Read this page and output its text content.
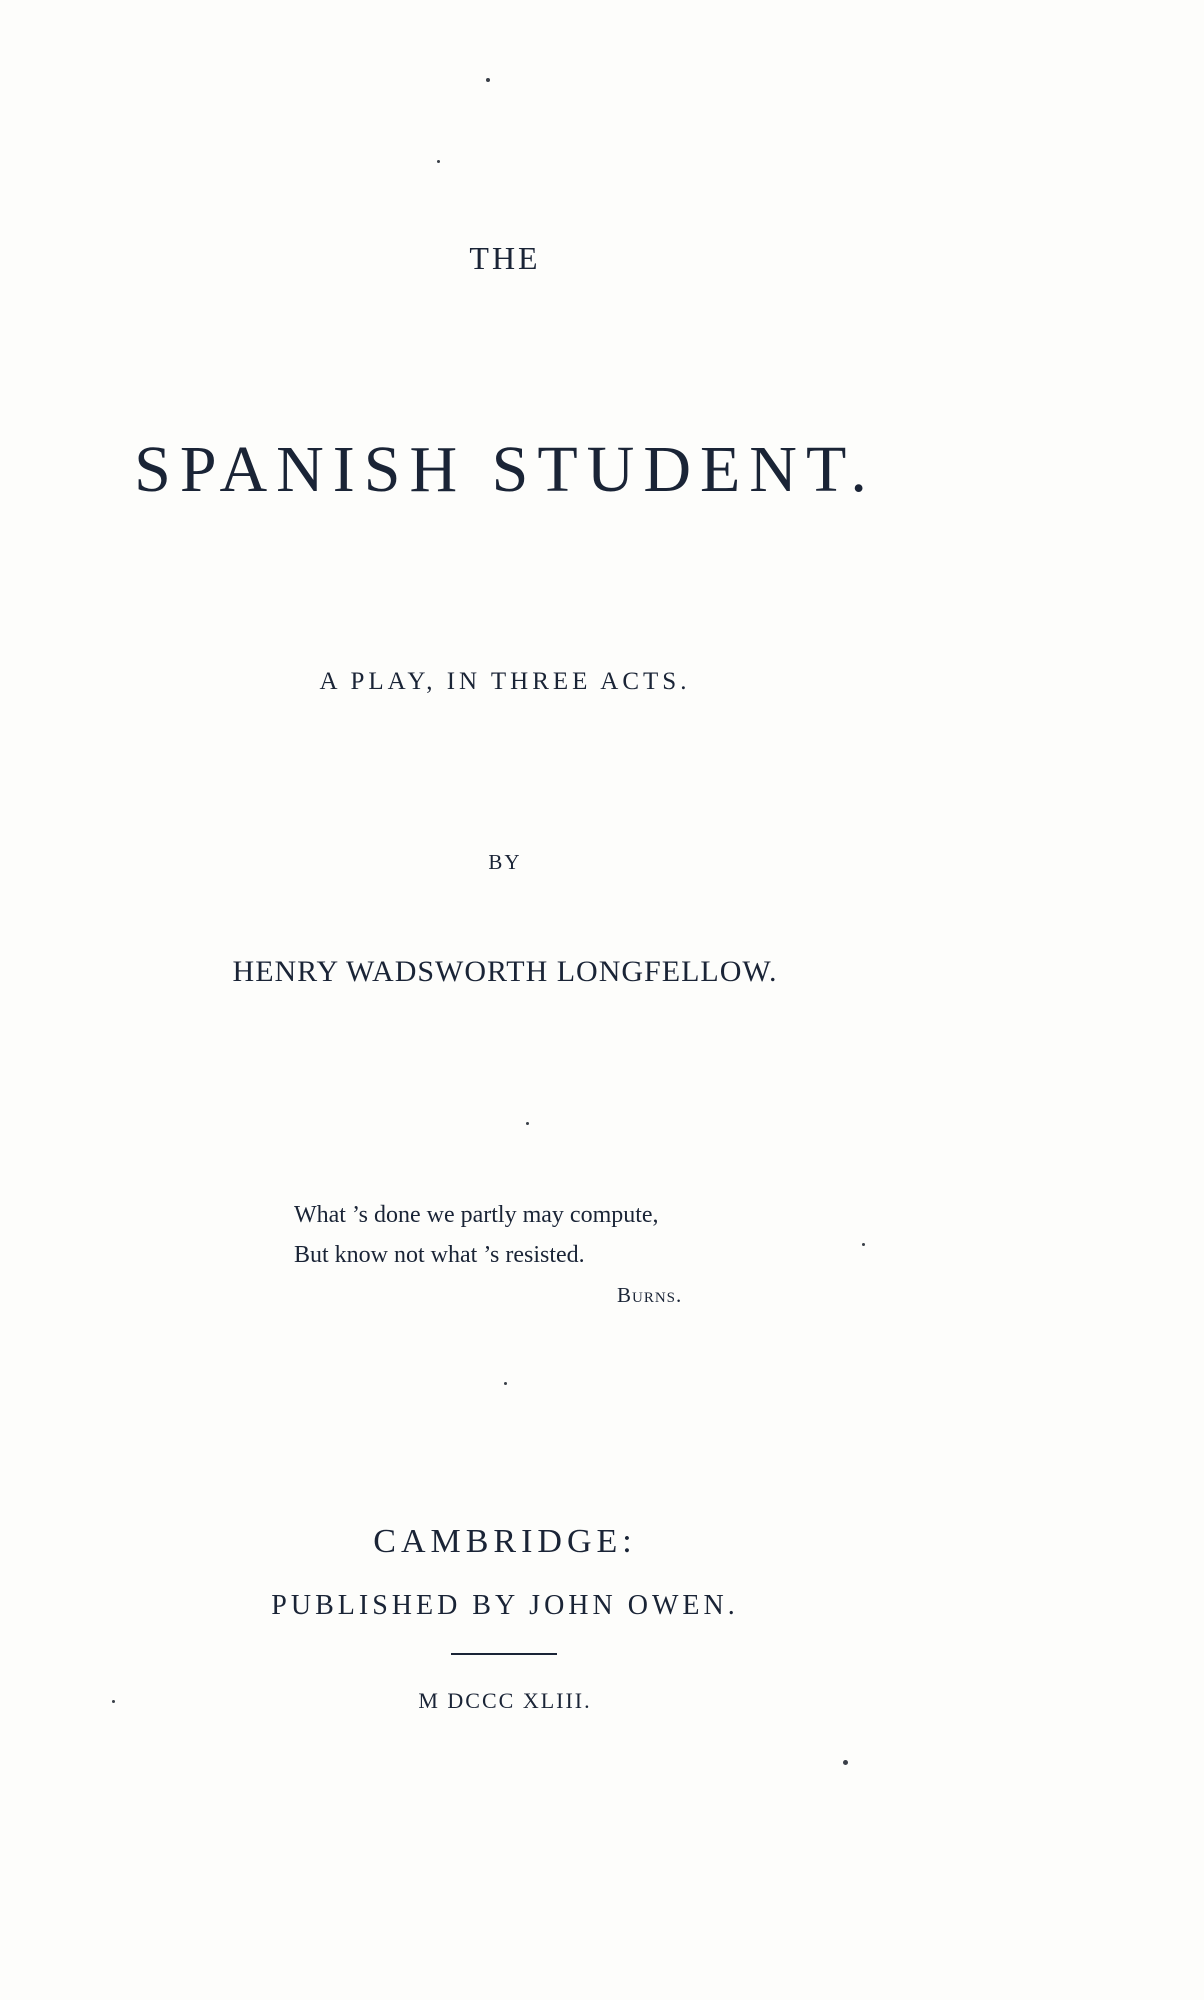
THE
SPANISH STUDENT.
A PLAY, IN THREE ACTS.
BY
HENRY WADSWORTH LONGFELLOW.
What ’s done we partly may compute,
But know not what ’s resisted.
Burns.
CAMBRIDGE:
PUBLISHED BY JOHN OWEN.
M DCCC XLIII.
